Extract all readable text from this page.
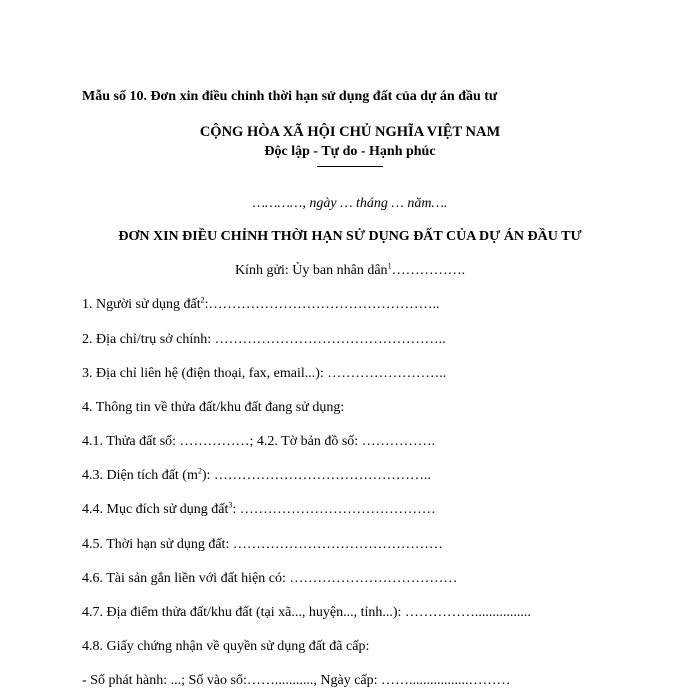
Mẫu số 10. Đơn xin điều chỉnh thời hạn sử dụng đất của dự án đầu tư
CỘNG HÒA XÃ HỘI CHỦ NGHĨA VIỆT NAM
Độc lập - Tự do - Hạnh phúc
…………, ngày … tháng … năm….
ĐƠN XIN ĐIỀU CHỈNH THỜI HẠN SỬ DỤNG ĐẤT CỦA DỰ ÁN ĐẦU TƯ
Kính gửi: Ủy ban nhân dân$^1$…………….
1. Người sử dụng đất$^2$:…………………………………………..
2. Địa chỉ/trụ sở chính: …………………………………………..
3. Địa chỉ liên hệ (điện thoại, fax, email...): ……………………..
4. Thông tin về thửa đất/khu đất đang sử dụng:
4.1. Thửa đất số: ……………; 4.2. Tờ bản đồ số: …………….
4.3. Diện tích đất $(m^2)$: ………………………………………..
4.4. Mục đích sử dụng đất$^3$: ……………………………………
4.5. Thời hạn sử dụng đất: ………………………………………
4.6. Tài sản gắn liền với đất hiện có: ………………………………
4.7. Địa điểm thửa đất/khu đất (tại xã..., huyện..., tỉnh...): ……………................
4.8. Giấy chứng nhận về quyền sử dụng đất đã cấp:
- Số phát hành: ...; Số vào sổ:……..........., Ngày cấp: …….................………
